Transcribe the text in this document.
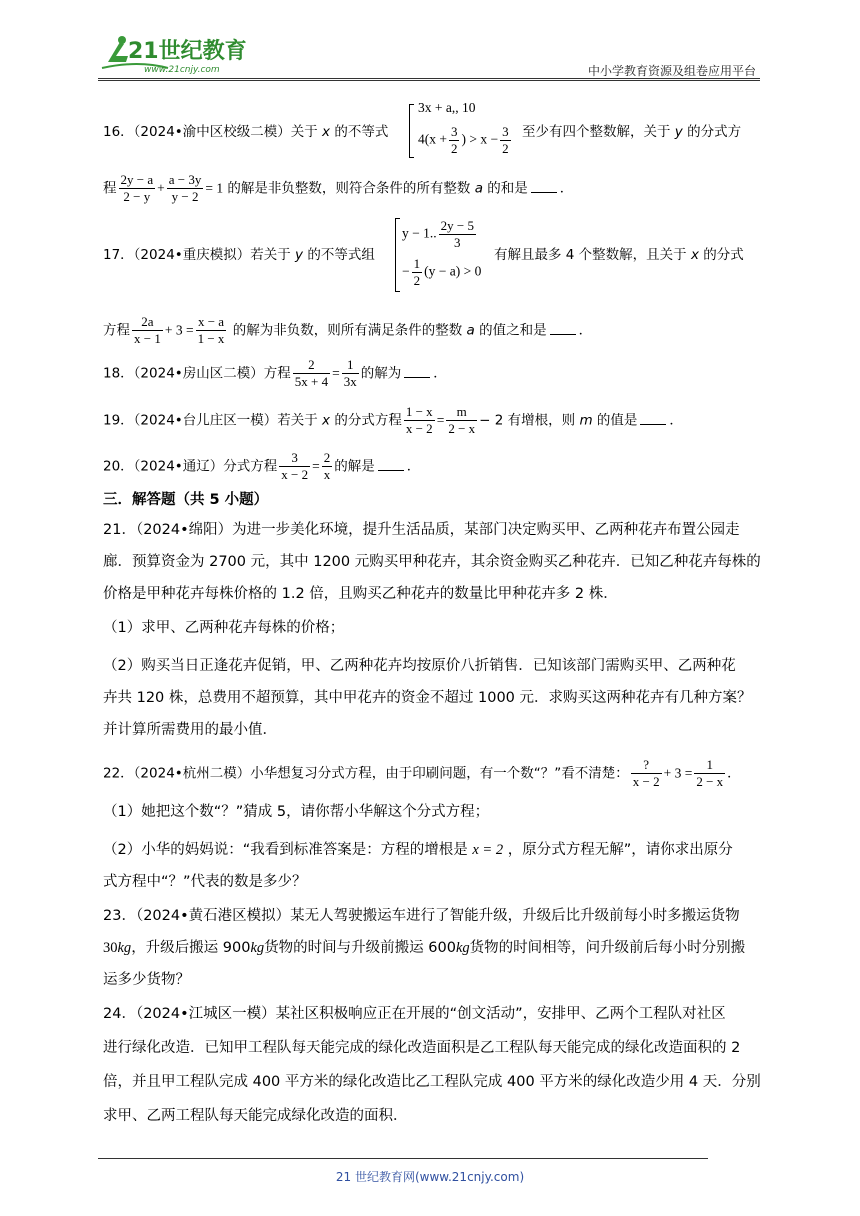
21世纪教育
www.21cnjy.com	中小学教育资源及组卷应用平台
16．（2024•渝中区校级二模）关于 x 的不等式
3x + a,, 10
$4(x + \frac{3}{2}$ ) > $x - \frac{3}{2}$ 至少有四个整数解，关于 y 的分式方
程 $\frac{2y - a}{2 - y} + \frac{a - 3y}{y - 2} = 1$ 的解是非负整数，则符合条件的所有整数 a 的和是 ．
17．（2024•重庆模拟）若关于 y 的不等式组
y − 1.. $\frac{2y - 5}{3}$
− $\frac{1}{2} (y - a) > 0$
有解且最多 4 个整数解，且关于 x 的分式
方程 $\frac{2a}{x - 1} + 3 = \frac{x - a}{1 - x}$ 的解为非负数，则所有满足条件的整数 a 的值之和是 ．
18．（2024•房山区二模）方程 $\frac{2}{5x + 4} = \frac{1}{3x}$ 的解为 ．
19．（2024•台儿庄区一模）若关于 x 的分式方程 $\frac{1 - x}{x - 2} = \frac{m}{2 - x} - 2$ 有增根，则 m 的值是 ．
20．（2024•通辽）分式方程 $\frac{3}{x - 2} = \frac{2}{x}$ 的解是 ．
三．解答题（共 5 小题）
21．（2024•绵阳）为进一步美化环境，提升生活品质，某部门决定购买甲、乙两种花卉布置公园走
廊．预算资金为 2700 元，其中 1200 元购买甲种花卉，其余资金购买乙种花卉．已知乙种花卉每株的
价格是甲种花卉每株价格的 1.2 倍，且购买乙种花卉的数量比甲种花卉多 2 株．
（1）求甲、乙两种花卉每株的价格；
（2）购买当日正逢花卉促销，甲、乙两种花卉均按原价八折销售．已知该部门需购买甲、乙两种花
卉共 120 株，总费用不超预算，其中甲花卉的资金不超过 1000 元．求购买这两种花卉有几种方案？
并计算所需费用的最小值．
22．（2024•杭州二模）小华想复习分式方程，由于印刷问题，有一个数“？”看不清楚： $\frac{?}{x - 2} + 3 = \frac{1}{2 - x}$ ．
（1）她把这个数“？”猜成 5，请你帮小华解这个分式方程；
（2）小华的妈妈说：“我看到标准答案是：方程的增根是 x = 2 ，原分式方程无解”，请你求出原分
式方程中“？”代表的数是多少？
23．（2024•黄石港区模拟）某无人驾驶搬运车进行了智能升级，升级后比升级前每小时多搬运货物
30kg，升级后搬运 900kg货物的时间与升级前搬运 600kg货物的时间相等，问升级前后每小时分别搬
运多少货物？
24．（2024•江城区一模）某社区积极响应正在开展的“创文活动”，安排甲、乙两个工程队对社区
进行绿化改造．已知甲工程队每天能完成的绿化改造面积是乙工程队每天能完成的绿化改造面积的 2
倍，并且甲工程队完成 400 平方米的绿化改造比乙工程队完成 400 平方米的绿化改造少用 4 天．分别
求甲、乙两工程队每天能完成绿化改造的面积．
21 世纪教育网(www.21cnjy.com)
